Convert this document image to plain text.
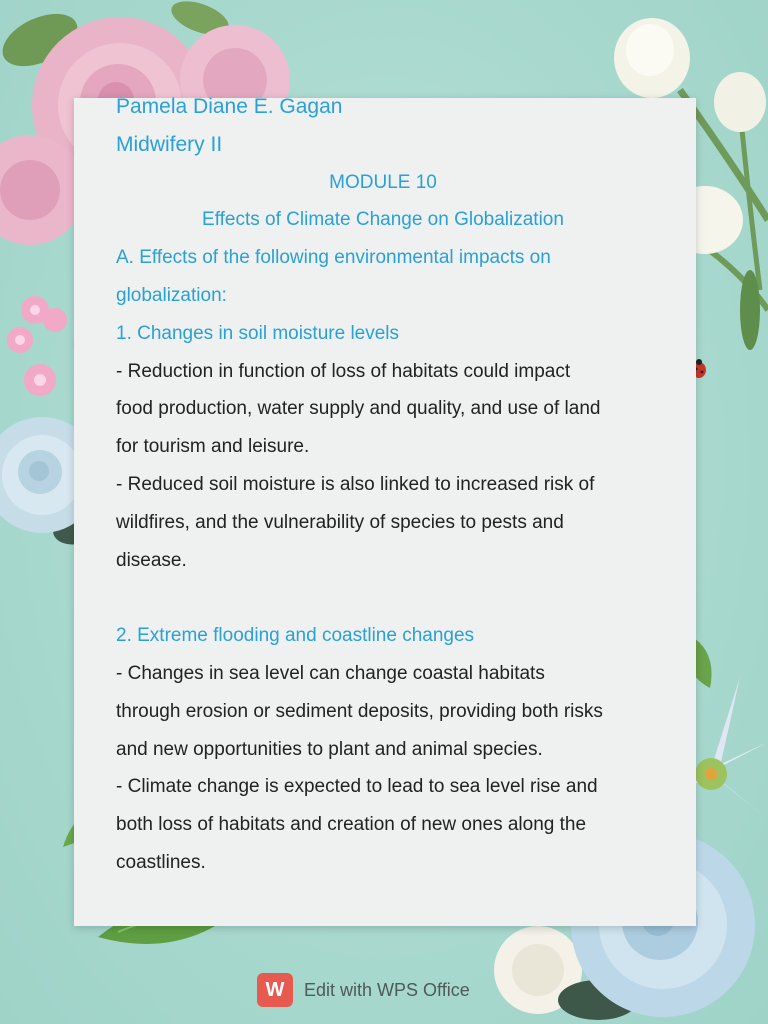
Pamela Diane E. Gagan
Midwifery II
MODULE 10
Effects of Climate Change on Globalization
A. Effects of the following environmental impacts on
globalization:
1. Changes in soil moisture levels
- Reduction in function of loss of habitats could impact
food production, water supply and quality, and use of land
for tourism and leisure.
- Reduced soil moisture is also linked to increased risk of
wildfires, and the vulnerability of species to pests and
disease.
2. Extreme flooding and coastline changes
- Changes in sea level can change coastal habitats
through erosion or sediment deposits, providing both risks
and new opportunities to plant and animal species.
- Climate change is expected to lead to sea level rise and
both loss of habitats and creation of new ones along the
coastlines.
W	Edit with WPS Office
